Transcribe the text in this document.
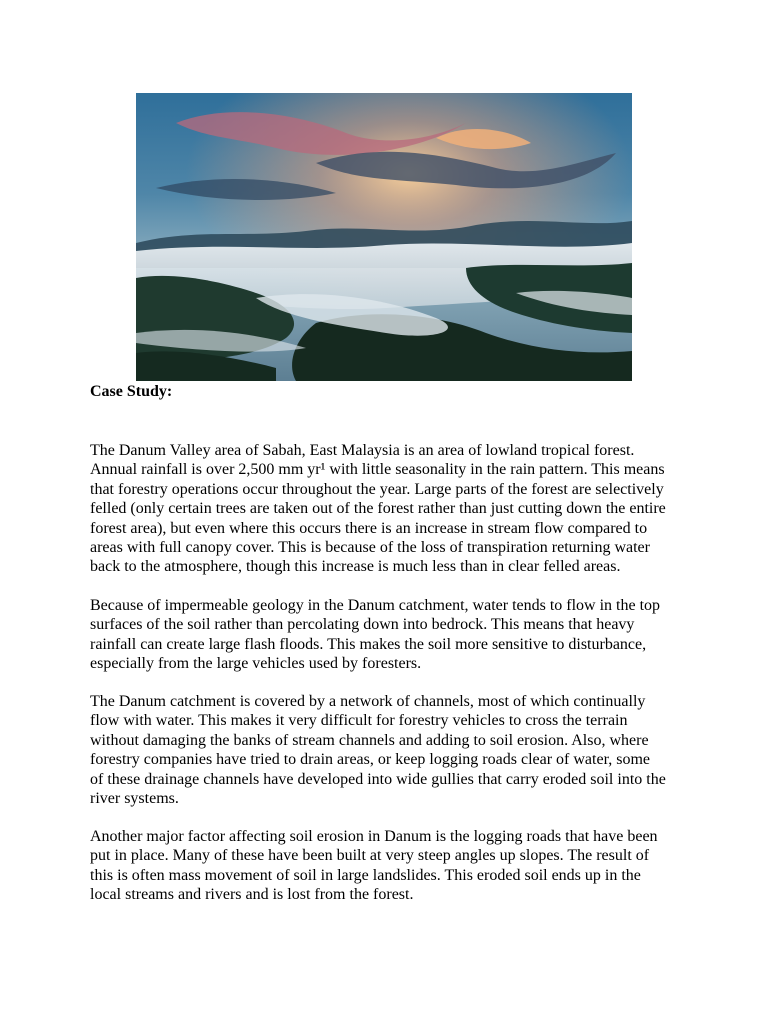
Case Study:
The Danum Valley area of Sabah, East Malaysia is an area of lowland tropical forest.
Annual rainfall is over 2,500 mm yr¹ with little seasonality in the rain pattern. This means
that forestry operations occur throughout the year. Large parts of the forest are selectively
felled (only certain trees are taken out of the forest rather than just cutting down the entire
forest area), but even where this occurs there is an increase in stream flow compared to
areas with full canopy cover. This is because of the loss of transpiration returning water
back to the atmosphere, though this increase is much less than in clear felled areas.
Because of impermeable geology in the Danum catchment, water tends to flow in the top
surfaces of the soil rather than percolating down into bedrock. This means that heavy
rainfall can create large flash floods. This makes the soil more sensitive to disturbance,
especially from the large vehicles used by foresters.
The Danum catchment is covered by a network of channels, most of which continually
flow with water. This makes it very difficult for forestry vehicles to cross the terrain
without damaging the banks of stream channels and adding to soil erosion. Also, where
forestry companies have tried to drain areas, or keep logging roads clear of water, some
of these drainage channels have developed into wide gullies that carry eroded soil into the
river systems.
Another major factor affecting soil erosion in Danum is the logging roads that have been
put in place. Many of these have been built at very steep angles up slopes. The result of
this is often mass movement of soil in large landslides. This eroded soil ends up in the
local streams and rivers and is lost from the forest.
